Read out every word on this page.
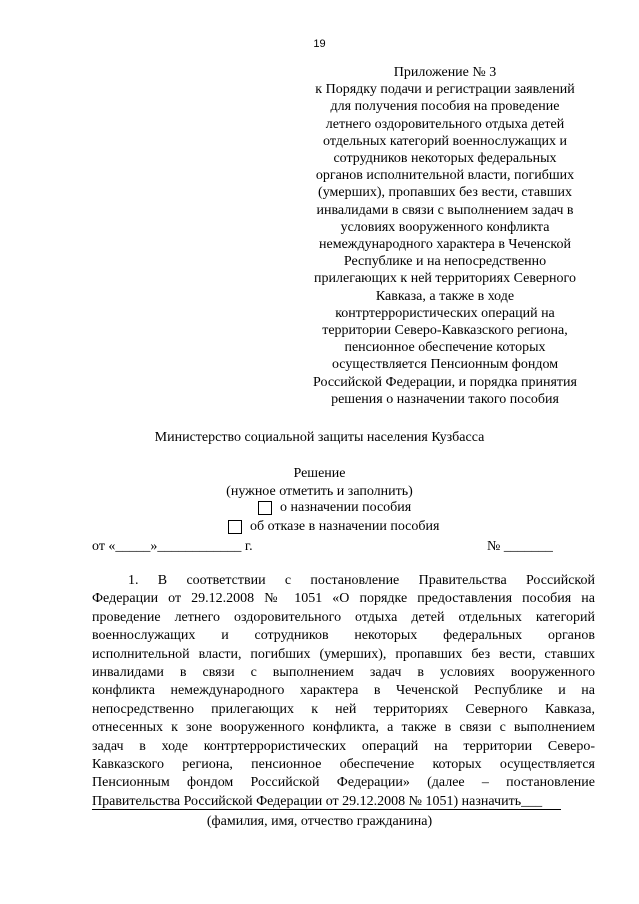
19
Приложение № 3
к Порядку подачи и регистрации заявлений
для получения пособия на проведение
летнего оздоровительного отдыха детей
отдельных категорий военнослужащих и
сотрудников некоторых федеральных
органов исполнительной власти, погибших
(умерших), пропавших без вести, ставших
инвалидами в связи с выполнением задач в
условиях вооруженного конфликта
немеждународного характера в Чеченской
Республике и на непосредственно
прилегающих к ней территориях Северного
Кавказа, а также в ходе
контртеррористических операций на
территории Северо-Кавказского региона,
пенсионное обеспечение которых
осуществляется Пенсионным фондом
Российской Федерации, и порядка принятия
решения о назначении такого пособия
Министерство социальной защиты населения Кузбасса
Решение
(нужное отметить и заполнить)
о назначении пособия
об отказе в назначении пособия
от «_____»____________ г.	№ _______
1. В соответствии с постановление Правительства Российской
Федерации от 29.12.2008 № 1051 «О порядке предоставления пособия на
проведение летнего оздоровительного отдыха детей отдельных категорий
военнослужащих и сотрудников некоторых федеральных органов
исполнительной власти, погибших (умерших), пропавших без вести, ставших
инвалидами в связи с выполнением задач в условиях вооруженного
конфликта немеждународного характера в Чеченской Республике и на
непосредственно прилегающих к ней территориях Северного Кавказа,
отнесенных к зоне вооруженного конфликта, а также в связи с выполнением
задач в ходе контртеррористических операций на территории Северо-
Кавказского региона, пенсионное обеспечение которых осуществляется
Пенсионным фондом Российской Федерации» (далее – постановление
Правительства Российской Федерации от 29.12.2008 № 1051) назначить___
(фамилия, имя, отчество гражданина)
